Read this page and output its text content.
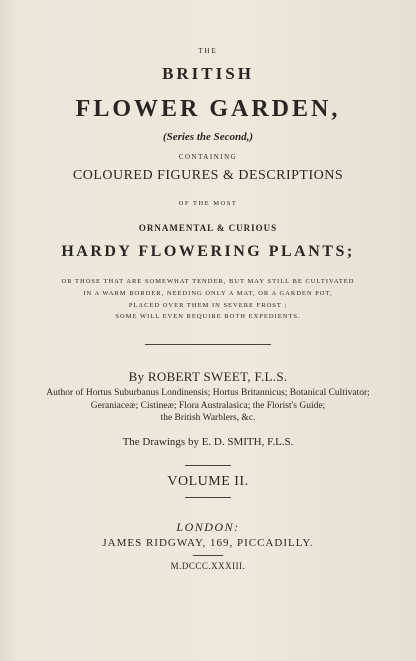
THE
BRITISH
FLOWER GARDEN,
(Series the Second,)
CONTAINING
COLOURED FIGURES & DESCRIPTIONS
OF THE MOST
ORNAMENTAL & CURIOUS
HARDY FLOWERING PLANTS;
OR THOSE THAT ARE SOMEWHAT TENDER, BUT MAY STILL BE CULTIVATED
IN A WARM BORDER, NEEDING ONLY A MAT, OR A GARDEN POT,
PLACED OVER THEM IN SEVERE FROST ;
SOME WILL EVEN REQUIRE BOTH EXPEDIENTS.
By ROBERT SWEET, F.L.S.
Author of Hortus Suburbanus Londinensis; Hortus Britannicus; Botanical Cultivator;
Geraniaceæ; Cistineæ; Flora Australasica; the Florist's Guide;
the British Warblers, &c.
The Drawings by E. D. SMITH, F.L.S.
VOLUME II.
LONDON:
JAMES RIDGWAY, 169, PICCADILLY.
M.DCCC.XXXIII.
